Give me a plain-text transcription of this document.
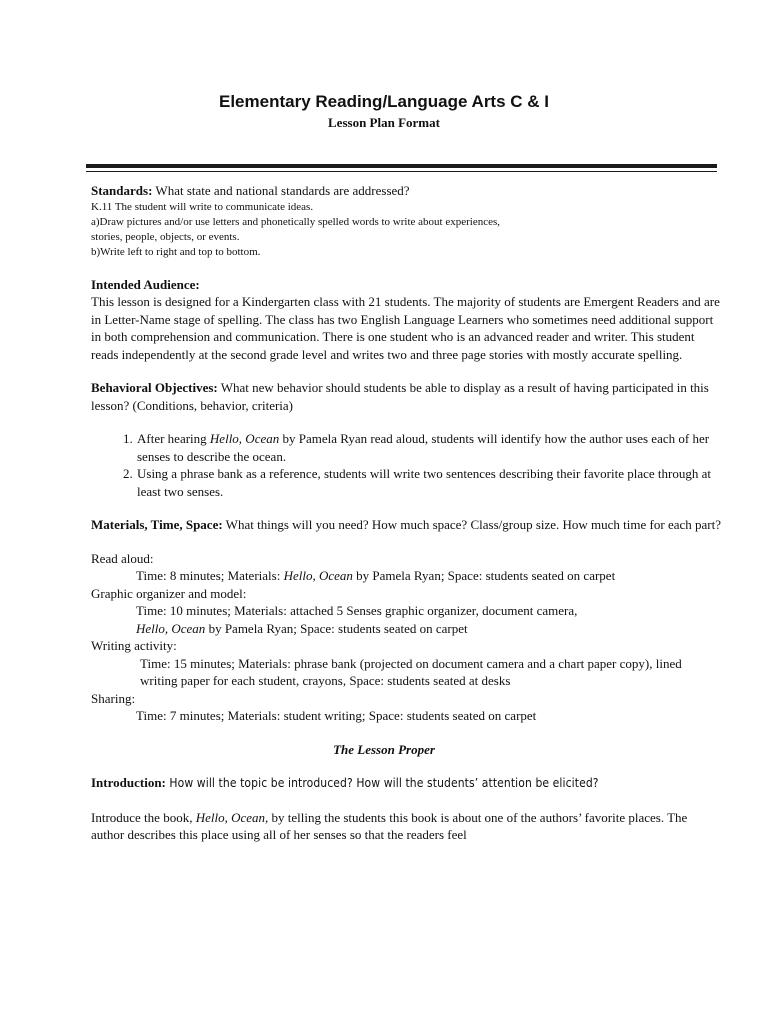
Elementary Reading/Language Arts C & I
Lesson Plan Format

Standards: What state and national standards are addressed?

K.11 The student will write to communicate ideas.

a)Draw pictures and/or use letters and phonetically spelled words to write about experiences,

stories, people, objects, or events.

b)Write left to right and top to bottom.

Intended Audience:

This lesson is designed for a Kindergarten class with 21 students. The majority of students are Emergent Readers and are in Letter-Name stage of spelling. The class has two English Language Learners who sometimes need additional support in both comprehension and communication. There is one student who is an advanced reader and writer. This student reads independently at the second grade level and writes two and three page stories with mostly accurate spelling.

Behavioral Objectives: What new behavior should students be able to display as a result of having participated in this lesson? (Conditions, behavior, criteria)

1. After hearing Hello, Ocean by Pamela Ryan read aloud, students will identify how the author uses each of her senses to describe the ocean.
2. Using a phrase bank as a reference, students will write two sentences describing their favorite place through at least two senses.

Materials, Time, Space: What things will you need? How much space? Class/group size. How much time for each part?

Read aloud:

Time: 8 minutes; Materials: Hello, Ocean by Pamela Ryan; Space: students seated on carpet

Graphic organizer and model:

Time: 10 minutes; Materials: attached 5 Senses graphic organizer, document camera,

Hello, Ocean by Pamela Ryan; Space: students seated on carpet

Writing activity:

Time: 15 minutes; Materials: phrase bank (projected on document camera and a chart paper copy), lined writing paper for each student, crayons, Space: students seated at desks

Sharing:

Time: 7 minutes; Materials: student writing; Space: students seated on carpet

The Lesson Proper

Introduction: How will the topic be introduced? How will the students’ attention be elicited?

Introduce the book, Hello, Ocean, by telling the students this book is about one of the authors’ favorite places. The author describes this place using all of her senses so that the readers feel
